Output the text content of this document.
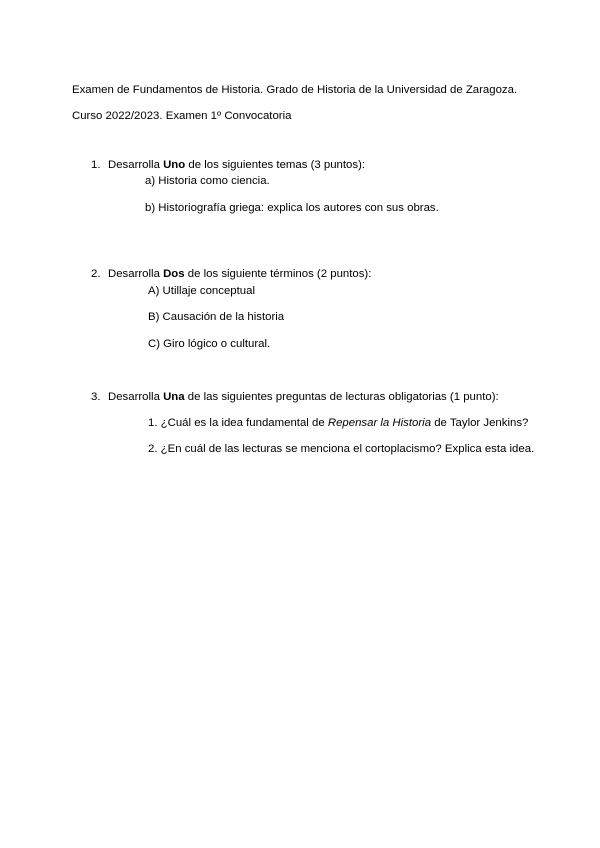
Examen de Fundamentos de Historia. Grado de Historia de la Universidad de Zaragoza.
Curso 2022/2023. Examen 1º Convocatoria
1. Desarrolla Uno de los siguientes temas (3 puntos):
a) Historia como ciencia.
b) Historiografía griega: explica los autores con sus obras.
2. Desarrolla Dos de los siguiente términos (2 puntos):
A) Utillaje conceptual
B) Causación de la historia
C) Giro lógico o cultural.
3. Desarrolla Una de las siguientes preguntas de lecturas obligatorias (1 punto):
1. ¿Cuál es la idea fundamental de Repensar la Historia de Taylor Jenkins?
2. ¿En cuál de las lecturas se menciona el cortoplacismo? Explica esta idea.
